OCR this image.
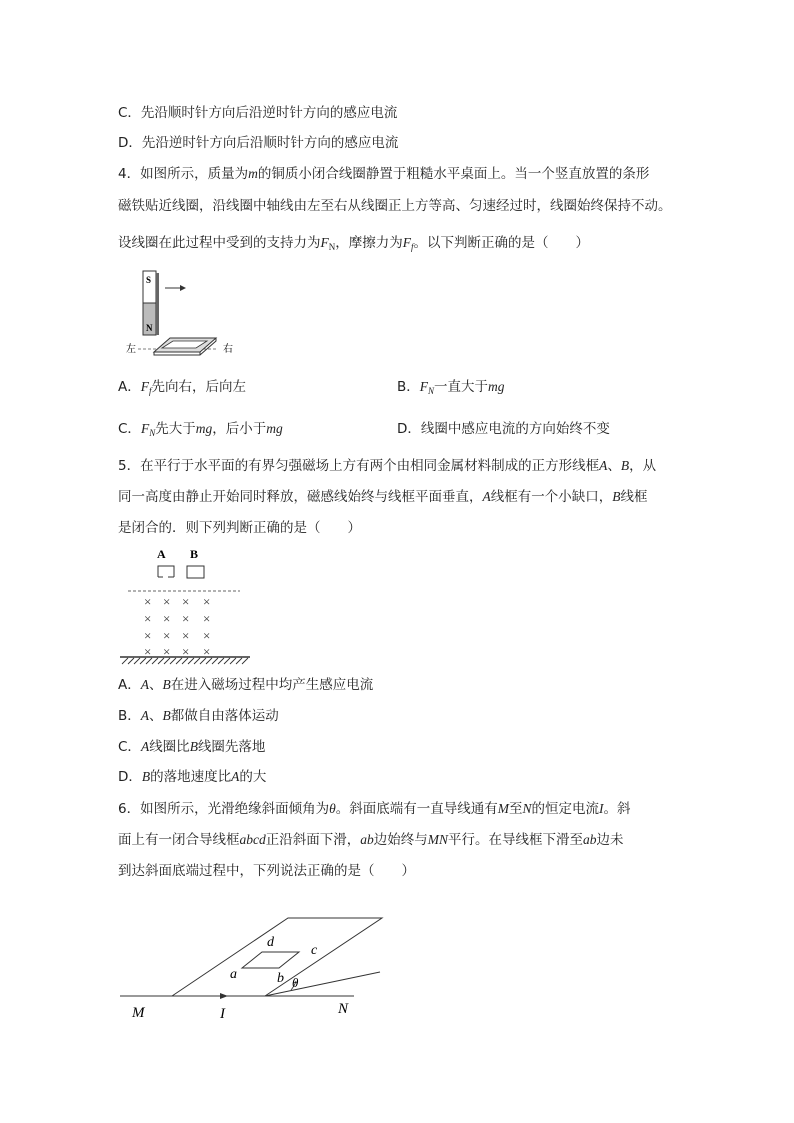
C．先沿顺时针方向后沿逆时针方向的感应电流
D．先沿逆时针方向后沿顺时针方向的感应电流
4．如图所示，质量为m的铜质小闭合线圈静置于粗糙水平桌面上。当一个竖直放置的条形
磁铁贴近线圈，沿线圈中轴线由左至右从线圈正上方等高、匀速经过时，线圈始终保持不动。
设线圈在此过程中受到的支持力为$F_N$，摩擦力为$F_f$。以下判断正确的是（　　）
S
N
左	右
A．$F_f$先向右，后向左	B．$F_N$一直大于mg
C．$F_N$先大于mg，后小于mg	D．线圈中感应电流的方向始终不变
5．在平行于水平面的有界匀强磁场上方有两个由相同金属材料制成的正方形线框A、B，从
同一高度由静止开始同时释放，磁感线始终与线框平面垂直，A线框有一个小缺口，B线框
是闭合的．则下列判断正确的是（　　）
A B
× × × ×
× × × ×
× × × ×
× × × ×
A．A、B在进入磁场过程中均产生感应电流
B．A、B都做自由落体运动
C．A线圈比B线圈先落地
D．B的落地速度比A的大
6．如图所示，光滑绝缘斜面倾角为θ。斜面底端有一直导线通有M至N的恒定电流I。斜
面上有一闭合导线框abcd正沿斜面下滑，ab边始终与MN平行。在导线框下滑至ab边未
到达斜面底端过程中，下列说法正确的是（　　）
a	b
c
d
θ
M	I	N
